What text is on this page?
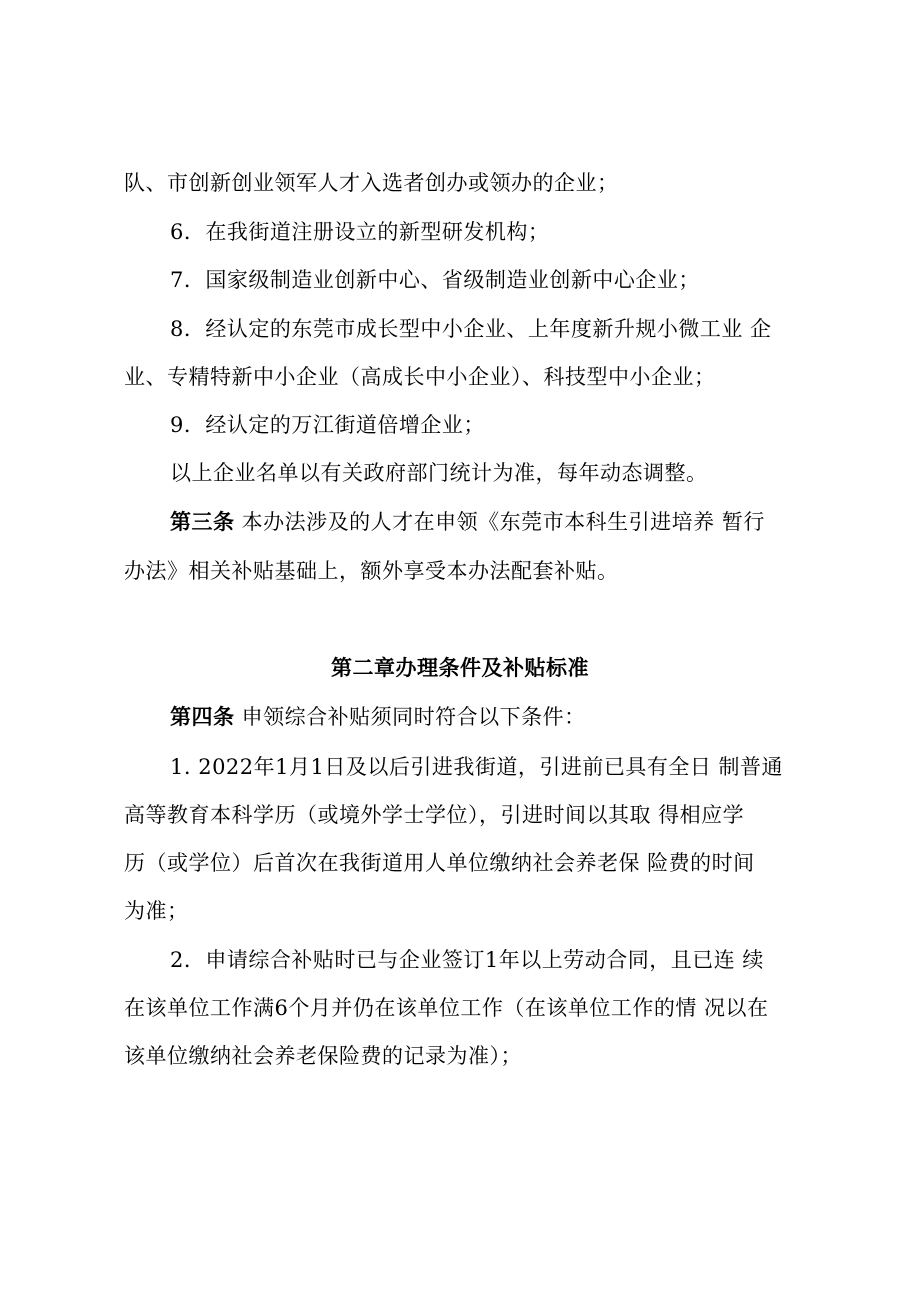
队、市创新创业领军人才入选者创办或领办的企业；
6．在我街道注册设立的新型研发机构；
7．国家级制造业创新中心、省级制造业创新中心企业；
8．经认定的东莞市成长型中小企业、上年度新升规小微工业 企
业、专精特新中小企业（高成长中小企业）、科技型中小企业；
9．经认定的万江街道倍增企业；
以上企业名单以有关政府部门统计为准，每年动态调整。
第三条 本办法涉及的人才在申领《东莞市本科生引进培养 暂行
办法》相关补贴基础上，额外享受本办法配套补贴。
第二章办理条件及补贴标准
第四条 申领综合补贴须同时符合以下条件：
1. 2022年1月1日及以后引进我街道，引进前已具有全日 制普通
高等教育本科学历（或境外学士学位），引进时间以其取 得相应学
历（或学位）后首次在我街道用人单位缴纳社会养老保 险费的时间
为准；
2．申请综合补贴时已与企业签订1年以上劳动合同，且已连 续
在该单位工作满6个月并仍在该单位工作（在该单位工作的情 况以在
该单位缴纳社会养老保险费的记录为准）；
